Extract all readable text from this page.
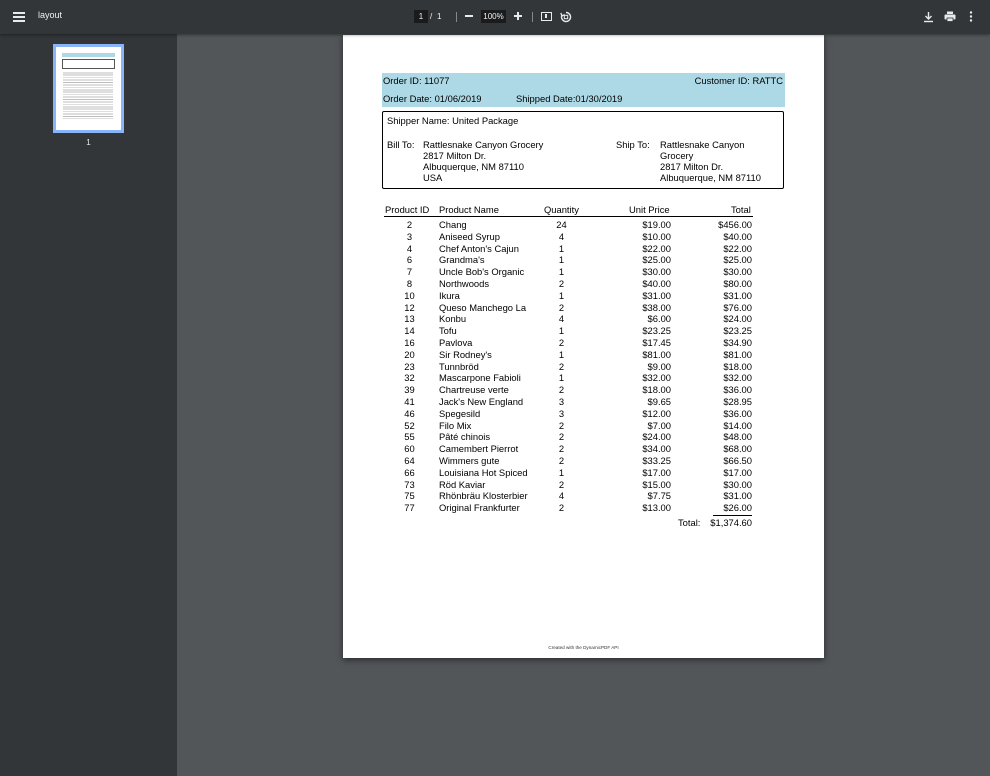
layout	1 / 1	100%
1
Order ID: 11077	Customer ID: RATTC
Order Date: 01/06/2019	Shipped Date:01/30/2019
Shipper Name: United Package
Bill To: Rattlesnake Canyon Grocery
2817 Milton Dr.
Albuquerque, NM 87110
USA
Ship To: Rattlesnake Canyon
Grocery
2817 Milton Dr.
Albuquerque, NM 87110
Product ID Product Name	Quantity	Unit Price	Total
2	Chang	24	$19.00	$456.00
3	Aniseed Syrup	4	$10.00	$40.00
4	Chef Anton's Cajun	1	$22.00	$22.00
6	Grandma's	1	$25.00	$25.00
7	Uncle Bob's Organic	1	$30.00	$30.00
8	Northwoods	2	$40.00	$80.00
10	Ikura	1	$31.00	$31.00
12	Queso Manchego La	2	$38.00	$76.00
13	Konbu	4	$6.00	$24.00
14	Tofu	1	$23.25	$23.25
16	Pavlova	2	$17.45	$34.90
20	Sir Rodney's	1	$81.00	$81.00
23	Tunnbröd	2	$9.00	$18.00
32	Mascarpone Fabioli	1	$32.00	$32.00
39	Chartreuse verte	2	$18.00	$36.00
41	Jack's New England	3	$9.65	$28.95
46	Spegesild	3	$12.00	$36.00
52	Filo Mix	2	$7.00	$14.00
55	Pâté chinois	2	$24.00	$48.00
60	Camembert Pierrot	2	$34.00	$68.00
64	Wimmers gute	2	$33.25	$66.50
66	Louisiana Hot Spiced	1	$17.00	$17.00
73	Röd Kaviar	2	$15.00	$30.00
75	Rhönbräu Klosterbier	4	$7.75	$31.00
77	Original Frankfurter	2	$13.00	$26.00
Total:	$1,374.60
Created with the DynamicPDF API
